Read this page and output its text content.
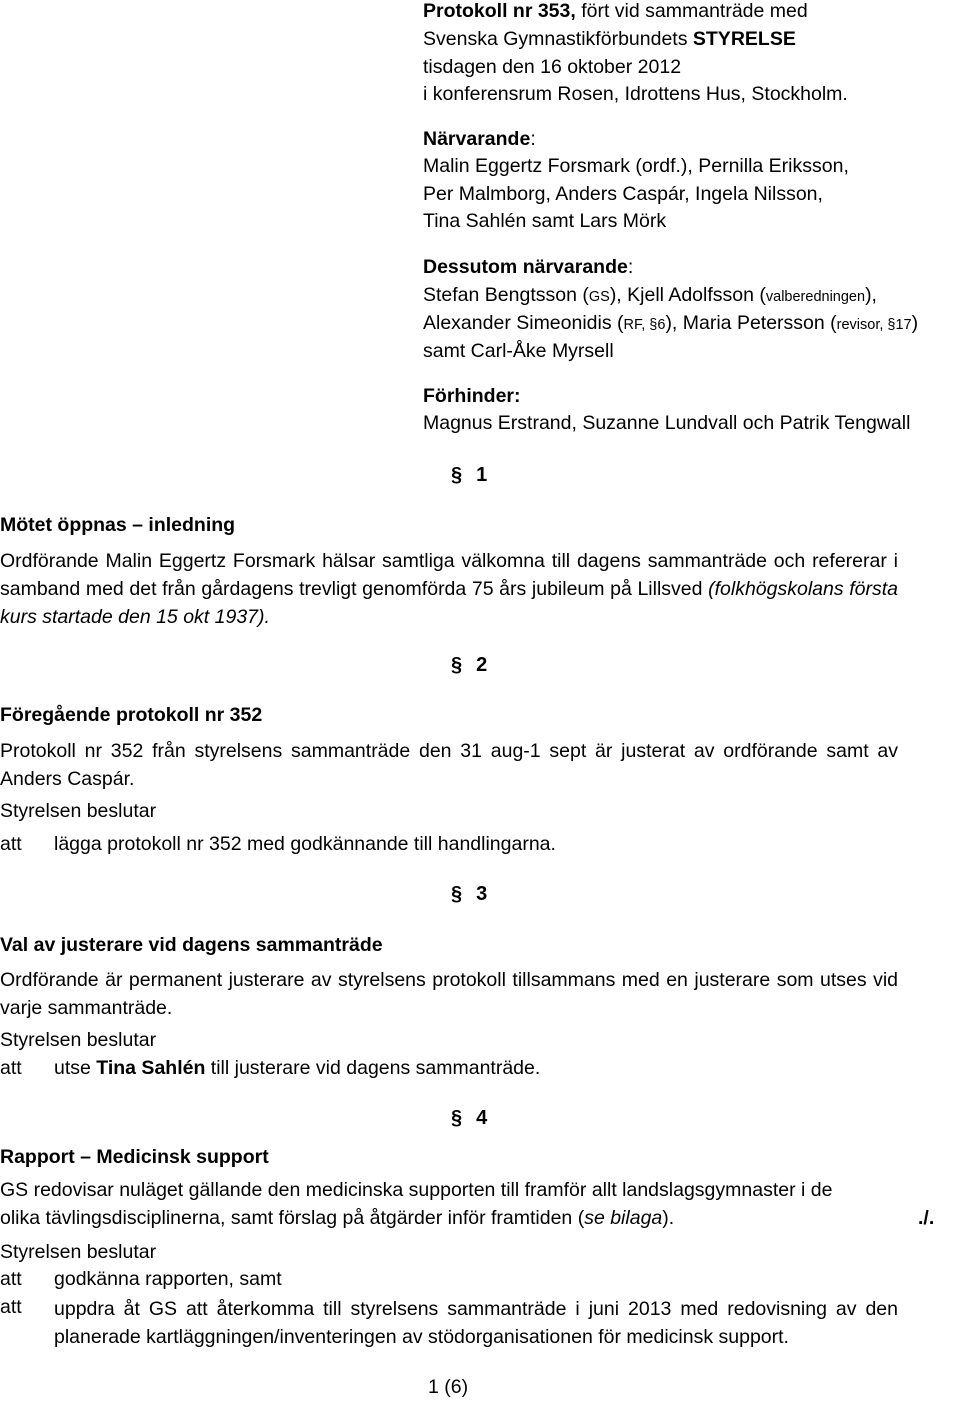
Protokoll nr 353, fört vid sammanträde med
Svenska Gymnastikförbundets STYRELSE
tisdagen den 16 oktober 2012
i konferensrum Rosen, Idrottens Hus, Stockholm.
Närvarande:
Malin Eggertz Forsmark (ordf.), Pernilla Eriksson,
Per Malmborg, Anders Caspár, Ingela Nilsson,
Tina Sahlén samt Lars Mörk
Dessutom närvarande:
Stefan Bengtsson (GS), Kjell Adolfsson (valberedningen),
Alexander Simeonidis (RF, §6), Maria Petersson (revisor, §17)
samt Carl-Åke Myrsell
Förhinder:
Magnus Erstrand, Suzanne Lundvall och Patrik Tengwall
§ 1
Mötet öppnas – inledning
Ordförande Malin Eggertz Forsmark hälsar samtliga välkomna till dagens sammanträde och refererar i samband med det från gårdagens trevligt genomförda 75 års jubileum på Lillsved (folkhögskolans första kurs startade den 15 okt 1937).
§ 2
Föregående protokoll nr 352
Protokoll nr 352 från styrelsens sammanträde den 31 aug-1 sept är justerat av ordförande samt av Anders Caspár.
Styrelsen beslutar
att lägga protokoll nr 352 med godkännande till handlingarna.
§ 3
Val av justerare vid dagens sammanträde
Ordförande är permanent justerare av styrelsens protokoll tillsammans med en justerare som utses vid varje sammanträde.
Styrelsen beslutar
att utse Tina Sahlén till justerare vid dagens sammanträde.
§ 4
Rapport – Medicinsk support
GS redovisar nuläget gällande den medicinska supporten till framför allt landslagsgymnaster i de
olika tävlingsdisciplinerna, samt förslag på åtgärder inför framtiden (se bilaga).	./.
Styrelsen beslutar
att godkänna rapporten, samt
att uppdra åt GS att återkomma till styrelsens sammanträde i juni 2013 med redovisning av den planerade kartläggningen/inventeringen av stödorganisationen för medicinsk support.
1 (6)
